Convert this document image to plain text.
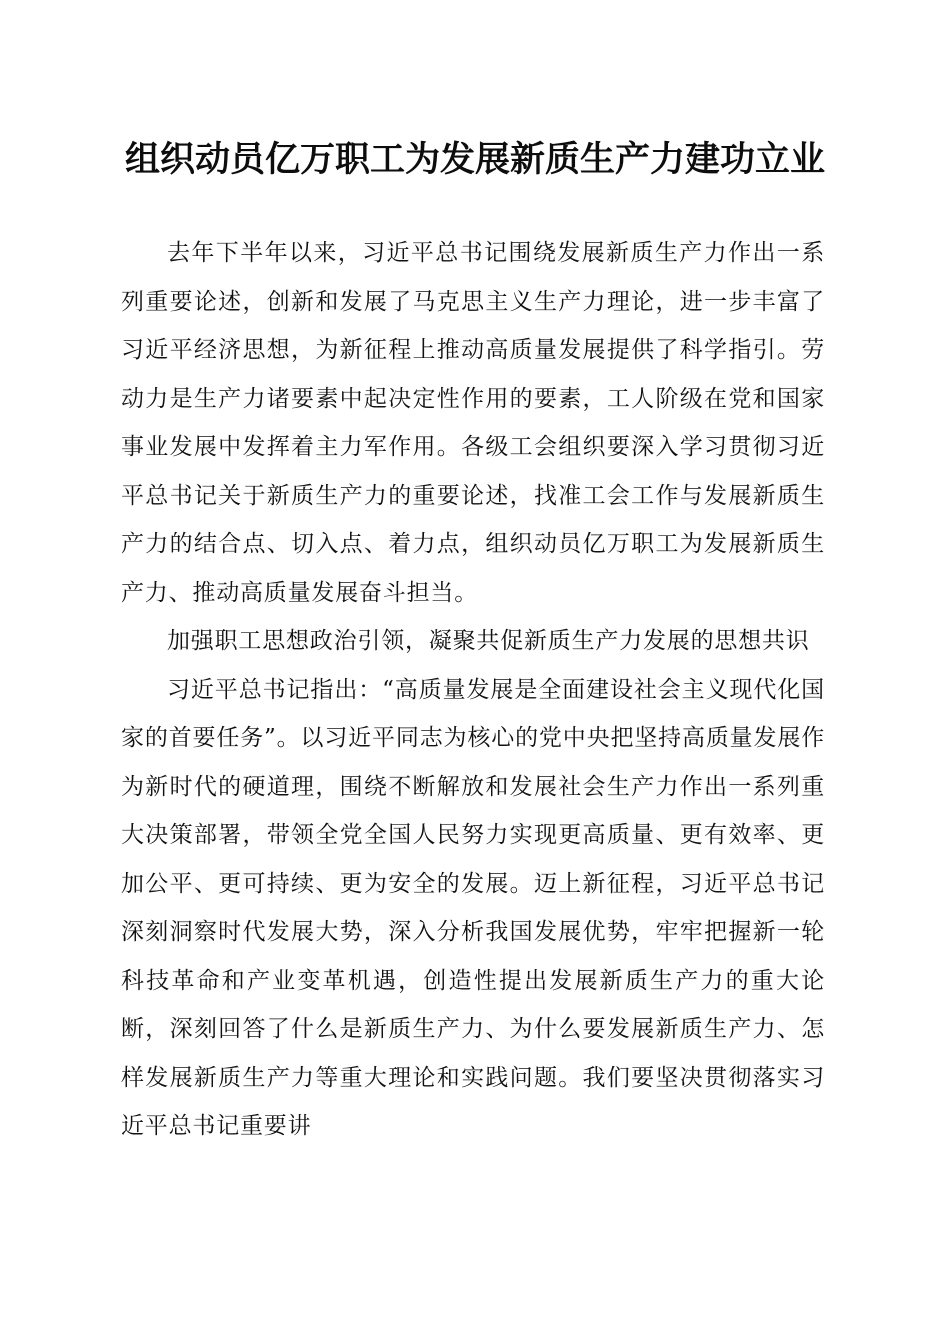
组织动员亿万职工为发展新质生产力建功立业

去年下半年以来，习近平总书记围绕发展新质生产力作出一系列重要论述，创新和发展了马克思主义生产力理论，进一步丰富了习近平经济思想，为新征程上推动高质量发展提供了科学指引。劳动力是生产力诸要素中起决定性作用的要素，工人阶级在党和国家事业发展中发挥着主力军作用。各级工会组织要深入学习贯彻习近平总书记关于新质生产力的重要论述，找准工会工作与发展新质生产力的结合点、切入点、着力点，组织动员亿万职工为发展新质生产力、推动高质量发展奋斗担当。

加强职工思想政治引领，凝聚共促新质生产力发展的思想共识

习近平总书记指出：“高质量发展是全面建设社会主义现代化国家的首要任务”。以习近平同志为核心的党中央把坚持高质量发展作为新时代的硬道理，围绕不断解放和发展社会生产力作出一系列重大决策部署，带领全党全国人民努力实现更高质量、更有效率、更加公平、更可持续、更为安全的发展。迈上新征程，习近平总书记深刻洞察时代发展大势，深入分析我国发展优势，牢牢把握新一轮科技革命和产业变革机遇，创造性提出发展新质生产力的重大论断，深刻回答了什么是新质生产力、为什么要发展新质生产力、怎样发展新质生产力等重大理论和实践问题。我们要坚决贯彻落实习近平总书记重要讲
